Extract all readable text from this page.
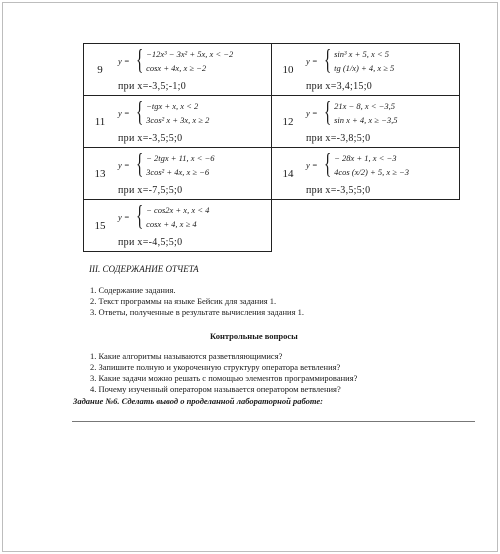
9
y = { −12x³ − 3x² + 5x, x < −2
cosx + 4x, x ≥ −2
при x=-3,5;-1;0
10
y = { sin³ x + 5, x < 5
tg (1/x) + 4, x ≥ 5
при x=3,4;15;0
11
y = { −tgx + x, x < 2
3cos² x + 3x, x ≥ 2
при x=-3,5;5;0
12
y = { 21x − 8, x < −3,5
sin x + 4, x ≥ −3,5
при x=-3,8;5;0
13
y = { − 2tgx + 11, x < −6
3cos² + 4x, x ≥ −6
при x=-7,5;5;0
14
y = { − 28x + 1, x < −3
4cos (x/2) + 5, x ≥ −3
при x=-3,5;5;0
15
y = { − cos2x + x, x < 4
cosx + 4, x ≥ 4
при x=-4,5;5;0
III. СОДЕРЖАНИЕ ОТЧЕТА
1. Содержание задания.
2. Текст программы на языке Бейсик для задания 1.
3. Ответы, полученные в результате вычисления задания 1.
Контрольные вопросы
1. Какие алгоритмы называются разветвляющимися?
2. Запишите полную и укороченную структуру оператора ветвления?
3. Какие задачи можно решать с помощью элементов программирования?
4. Почему изученный оператором называется оператором ветвления?
Задание №6. Сделать вывод о проделанной лабораторной работе:
